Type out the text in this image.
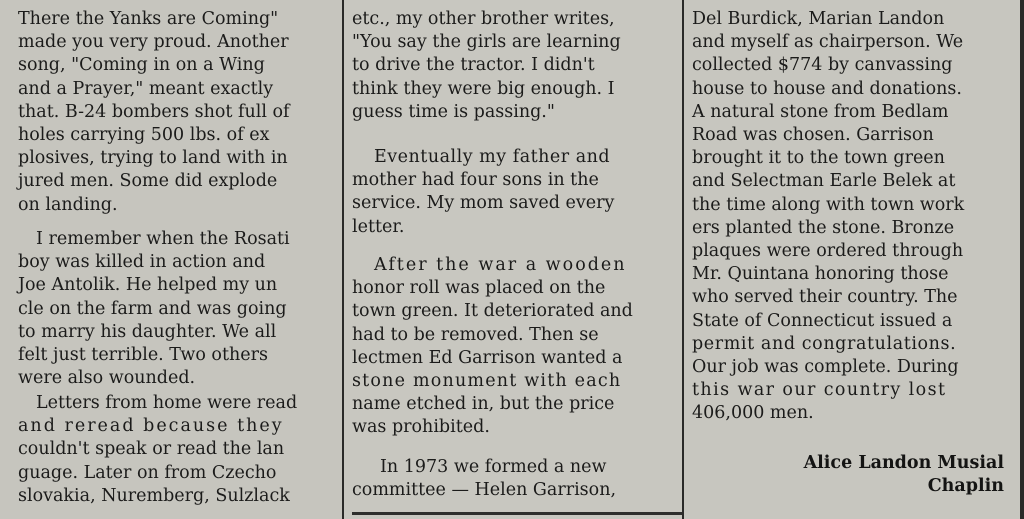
There the Yanks are Coming"
made you very proud. Another
song, "Coming in on a Wing
and a Prayer," meant exactly
that. B-24 bombers shot full of
holes carrying 500 lbs. of ex
plosives, trying to land with in
jured men. Some did explode
on landing.
I remember when the Rosati
boy was killed in action and
Joe Antolik. He helped my un
cle on the farm and was going
to marry his daughter. We all
felt just terrible. Two others
were also wounded.
Letters from home were read
and reread because they
couldn't speak or read the lan
guage. Later on from Czecho
slovakia, Nuremberg, Sulzlack
etc., my other brother writes,
"You say the girls are learning
to drive the tractor. I didn't
think they were big enough. I
guess time is passing."
Eventually my father and
mother had four sons in the
service. My mom saved every
letter.
After the war a wooden
honor roll was placed on the
town green. It deteriorated and
had to be removed. Then se
lectmen Ed Garrison wanted a
stone monument with each
name etched in, but the price
was prohibited.
In 1973 we formed a new
committee — Helen Garrison,
Del Burdick, Marian Landon
and myself as chairperson. We
collected $774 by canvassing
house to house and donations.
A natural stone from Bedlam
Road was chosen. Garrison
brought it to the town green
and Selectman Earle Belek at
the time along with town work
ers planted the stone. Bronze
plaques were ordered through
Mr. Quintana honoring those
who served their country. The
State of Connecticut issued a
permit and congratulations.
Our job was complete. During
this war our country lost
406,000 men.
Alice Landon Musial
Chaplin
